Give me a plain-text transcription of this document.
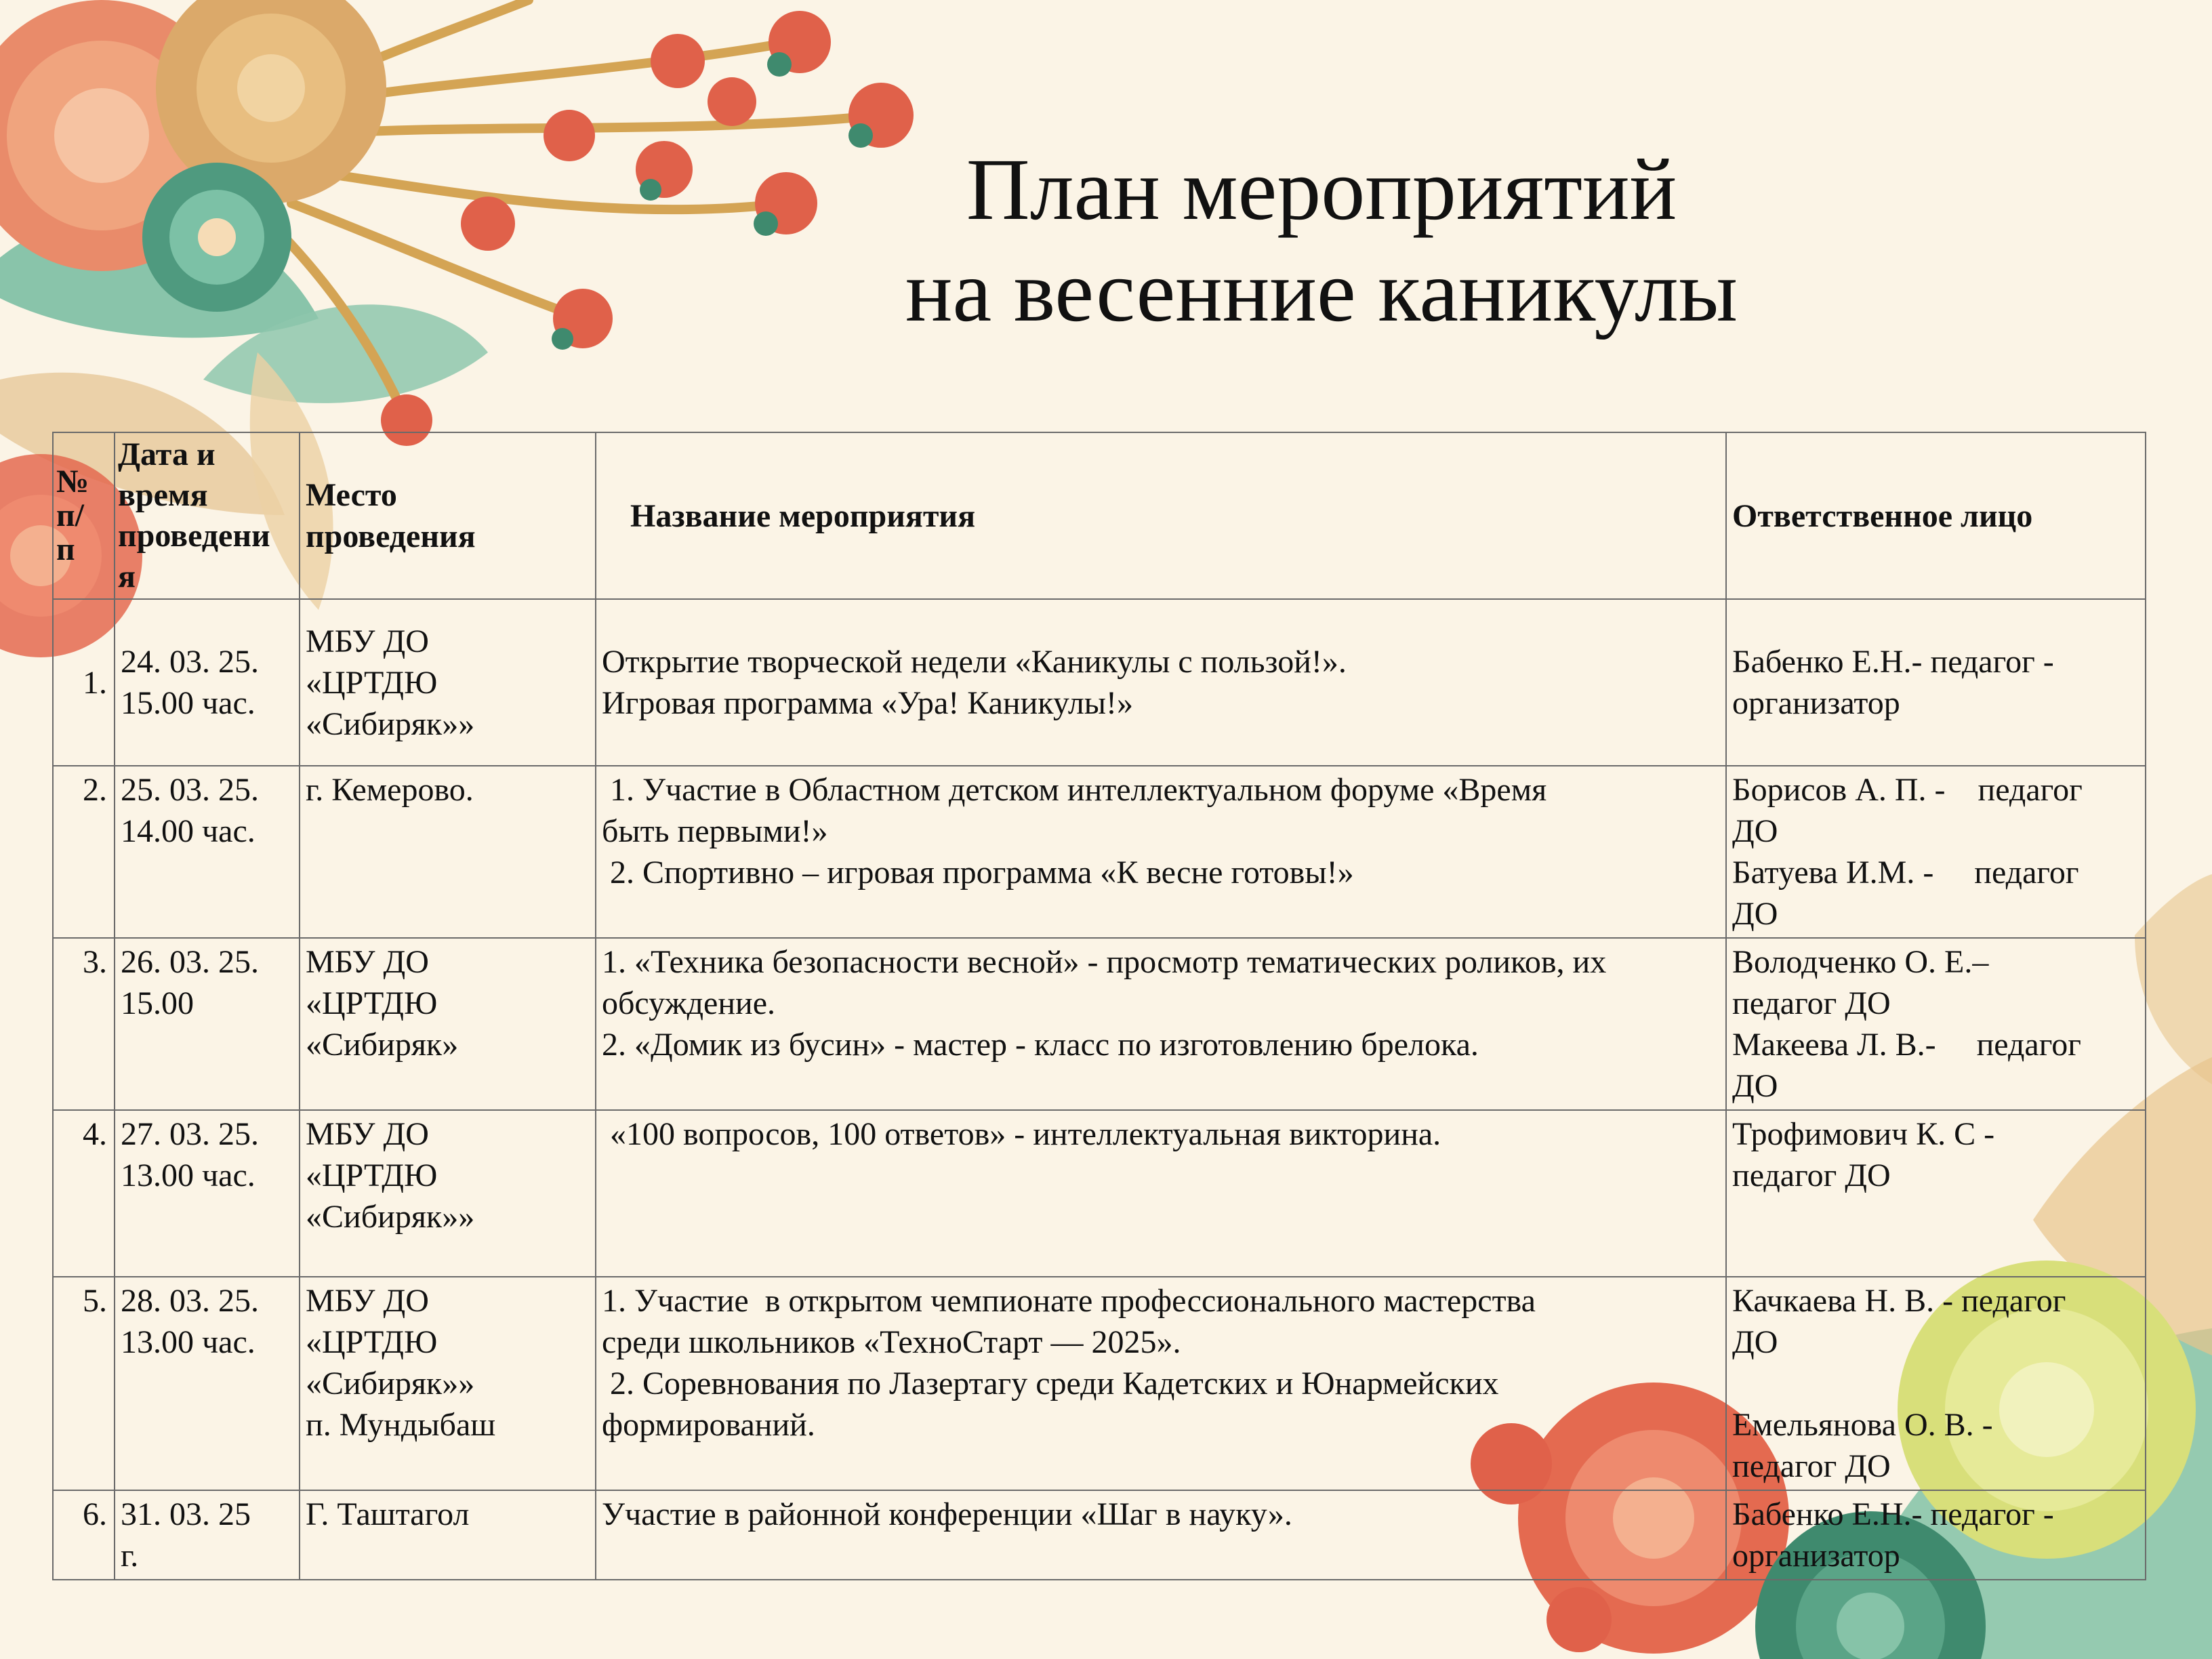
План мероприятий
на весенние каникулы
№
п/
п	Дата и
время
проведени
я	Место
проведения	Название мероприятия	Ответственное лицо
1.	24. 03. 25.
15.00 час.	МБУ ДО
«ЦРТДЮ
«Сибиряк»»	Открытие творческой недели «Каникулы с пользой!».
Игровая программа «Ура! Каникулы!»	Бабенко Е.Н.- педагог -
организатор

2.	25. 03. 25.
14.00 час.	г. Кемерово.	1. Участие в Областном детском интеллектуальном форуме «Время
быть первыми!»
2. Спортивно – игровая программа «К весне готовы!»	Борисов А. П. -    педагог
ДО
Батуева И.М. -     педагог
ДО

3.	26. 03. 25.
15.00	МБУ ДО
«ЦРТДЮ
«Сибиряк»	1. «Техника безопасности весной» - просмотр тематических роликов, их
обсуждение.
2. «Домик из бусин» - мастер - класс по изготовлению брелока.	Володченко О. Е.–
педагог ДО
Макеева Л. В.-     педагог
ДО

4.	27. 03. 25.
13.00 час.	МБУ ДО
«ЦРТДЮ
«Сибиряк»»	«100 вопросов, 100 ответов» - интеллектуальная викторина.	Трофимович К. С -
педагог ДО

5.	28. 03. 25.
13.00 час.	МБУ ДО
«ЦРТДЮ
«Сибиряк»»
п. Мундыбаш	1. Участие  в открытом чемпионате профессионального мастерства
среди школьников «ТехноСтарт — 2025».
2. Соревнования по Лазертагу среди Кадетских и Юнармейских
формирований.	Качкаева Н. В. - педагог
ДО
Емельянова О. В. -
педагог ДО

6.	31. 03. 25
г.	Г. Таштагол	Участие в районной конференции «Шаг в науку».	Бабенко Е.Н.- педагог -
организатор
